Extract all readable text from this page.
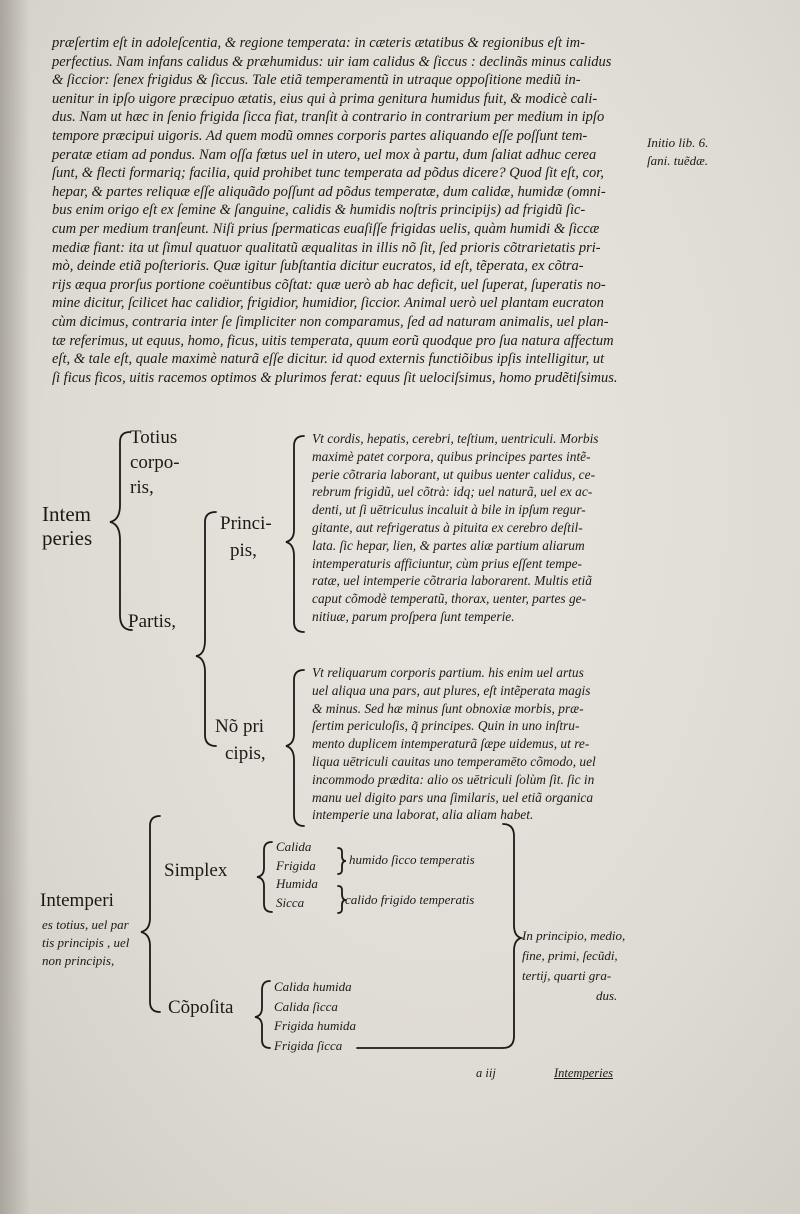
præſertim eſt in adoleſcentia, & regione temperata: in cæteris ætatibus & regionibus eſt im-
perfectius. Nam infans calidus & præhumidus: uir iam calidus & ſiccus : declinãs minus calidus
& ſiccior: ſenex frigidus & ſiccus. Tale etiã temperamentũ in utraque oppoſitione mediũ in-
uenitur in ipſo uigore præcipuo ætatis, eius qui à prima genitura humidus fuit, & modicè cali-
dus. Nam ut hæc in ſenio frigida ſicca fiat, tranſit à contrario in contrarium per medium in ipſo
tempore præcipui uigoris. Ad quem modũ omnes corporis partes aliquando eſſe poſſunt tem-
peratæ etiam ad pondus. Nam oſſa fœtus uel in utero, uel mox à partu, dum ſaliat adhuc cerea
ſunt, & flecti formariq; facilia, quid prohibet tunc temperata ad põdus dicere? Quod ſit eſt, cor,
hepar, & partes reliquæ eſſe aliquãdo poſſunt ad põdus temperatæ, dum calidæ, humidæ (omni-
bus enim origo eſt ex ſemine & ſanguine, calidis & humidis noſtris principijs) ad frigidũ ſic-
cum per medium tranſeunt. Niſi prius ſpermaticas euaſiſſe frigidas uelis, quàm humidi & ſiccæ
mediæ fiant: ita ut ſimul quatuor qualitatũ æqualitas in illis nõ ſit, ſed prioris cõtrarietatis pri-
mò, deinde etiã poſterioris. Quæ igitur ſubſtantia dicitur eucratos, id eſt, tẽperata, ex cõtra-
rijs æqua prorſus portione coëuntibus cõſtat: quæ uerò ab hac deficit, uel ſuperat, ſuperatis no-
mine dicitur, ſcilicet hac calidior, frigidior, humidior, ſiccior. Animal uerò uel plantam eucraton
cùm dicimus, contraria inter ſe ſimpliciter non comparamus, ſed ad naturam animalis, uel plan-
tæ referimus, ut equus, homo, ficus, uitis temperata, quum eorũ quodque pro ſua natura affectum
eſt, & tale eſt, quale maximè naturã eſſe dicitur. id quod externis functiõibus ipſis intelligitur, ut
ſi ficus ficos, uitis racemos optimos & plurimos ferat: equus ſit uelociſsimus, homo prudẽtiſsimus.
Initio lib. 6.
ſani. tuẽdæ.
Intem
peries
Totius
corpo-
ris,
Partis,
Princi-
pis,
Nõ pri
cipis,
Vt cordis, hepatis, cerebri, teſtium, uentriculi. Morbis
maximè patet corpora, quibus principes partes intẽ-
perie cõtraria laborant, ut quibus uenter calidus, ce-
rebrum frigidũ, uel cõtrà: idq; uel naturã, uel ex ac-
denti, ut ſi uētriculus incaluit à bile in ipſum regur-
gitante, aut refrigeratus à pituita ex cerebro deſtil-
lata. ſic hepar, lien, & partes aliæ partium aliarum
intemperaturis afficiuntur, cùm prius eſſent tempe-
ratæ, uel intemperie cõtraria laborarent. Multis etiã
caput cõmodè temperatũ, thorax, uenter, partes ge-
nitiuæ, parum proſpera ſunt temperie.
Vt reliquarum corporis partium. his enim uel artus
uel aliqua una pars, aut plures, eſt intẽperata magis
& minus. Sed hæ minus ſunt obnoxiæ morbis, præ-
ſertim periculoſis, q̃ principes. Quin in uno inſtru-
mento duplicem intemperaturã ſæpe uidemus, ut re-
liqua uētriculi cauitas uno temperamēto cõmodo, uel
incommodo prædita: alio os uētriculi ſolùm ſit. ſic in
manu uel digito pars una ſimilaris, uel etiã organica
intemperie una laborat, alia aliam habet.
Intemperi
es totius, uel par
tis principis , uel
non principis,
Simplex
Cõpoſita
Calida
Frigida
Humida
Sicca
humido ſicco temperatis
calido frigido temperatis
Calida humida
Calida ſicca
Frigida humida
Frigida ſicca
In principio, medio,
fine, primi, ſecũdi,
tertij, quarti gra-
dus.
a iij	Intemperies
